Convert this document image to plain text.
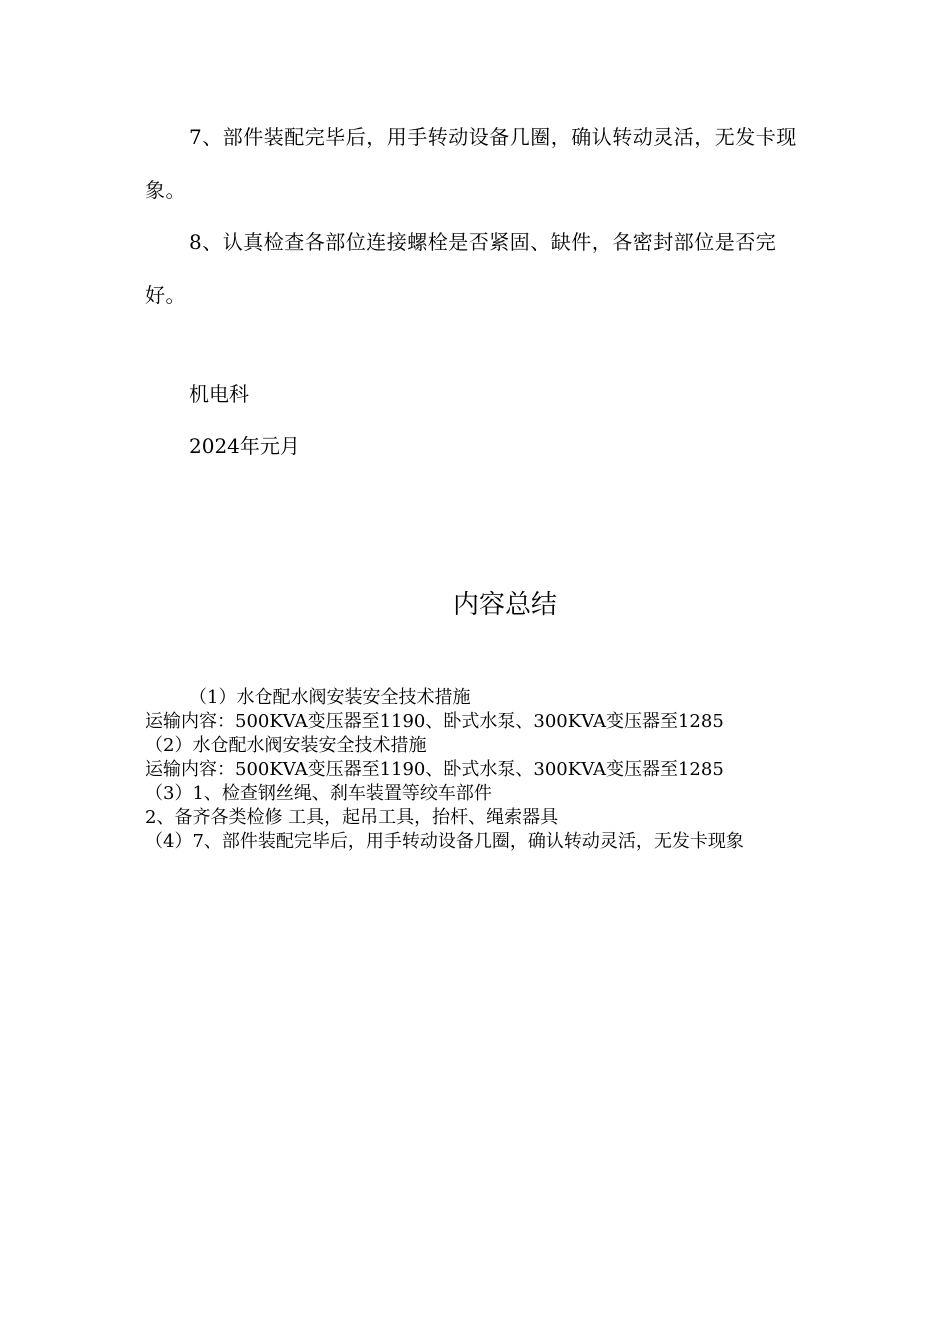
7、部件装配完毕后，用手转动设备几圈，确认转动灵活，无发卡现象。

8、认真检查各部位连接螺栓是否紧固、缺件，各密封部位是否完好。

机电科

2024年元月

内容总结
（1）水仓配水阀安装安全技术措施
运输内容：500KVA变压器至1190、卧式水泵、300KVA变压器至1285
（2）水仓配水阀安装安全技术措施
运输内容：500KVA变压器至1190、卧式水泵、300KVA变压器至1285
（3）1、检查钢丝绳、刹车装置等绞车部件
2、备齐各类检修 工具，起吊工具，抬杆、绳索器具
（4）7、部件装配完毕后，用手转动设备几圈，确认转动灵活，无发卡现象
